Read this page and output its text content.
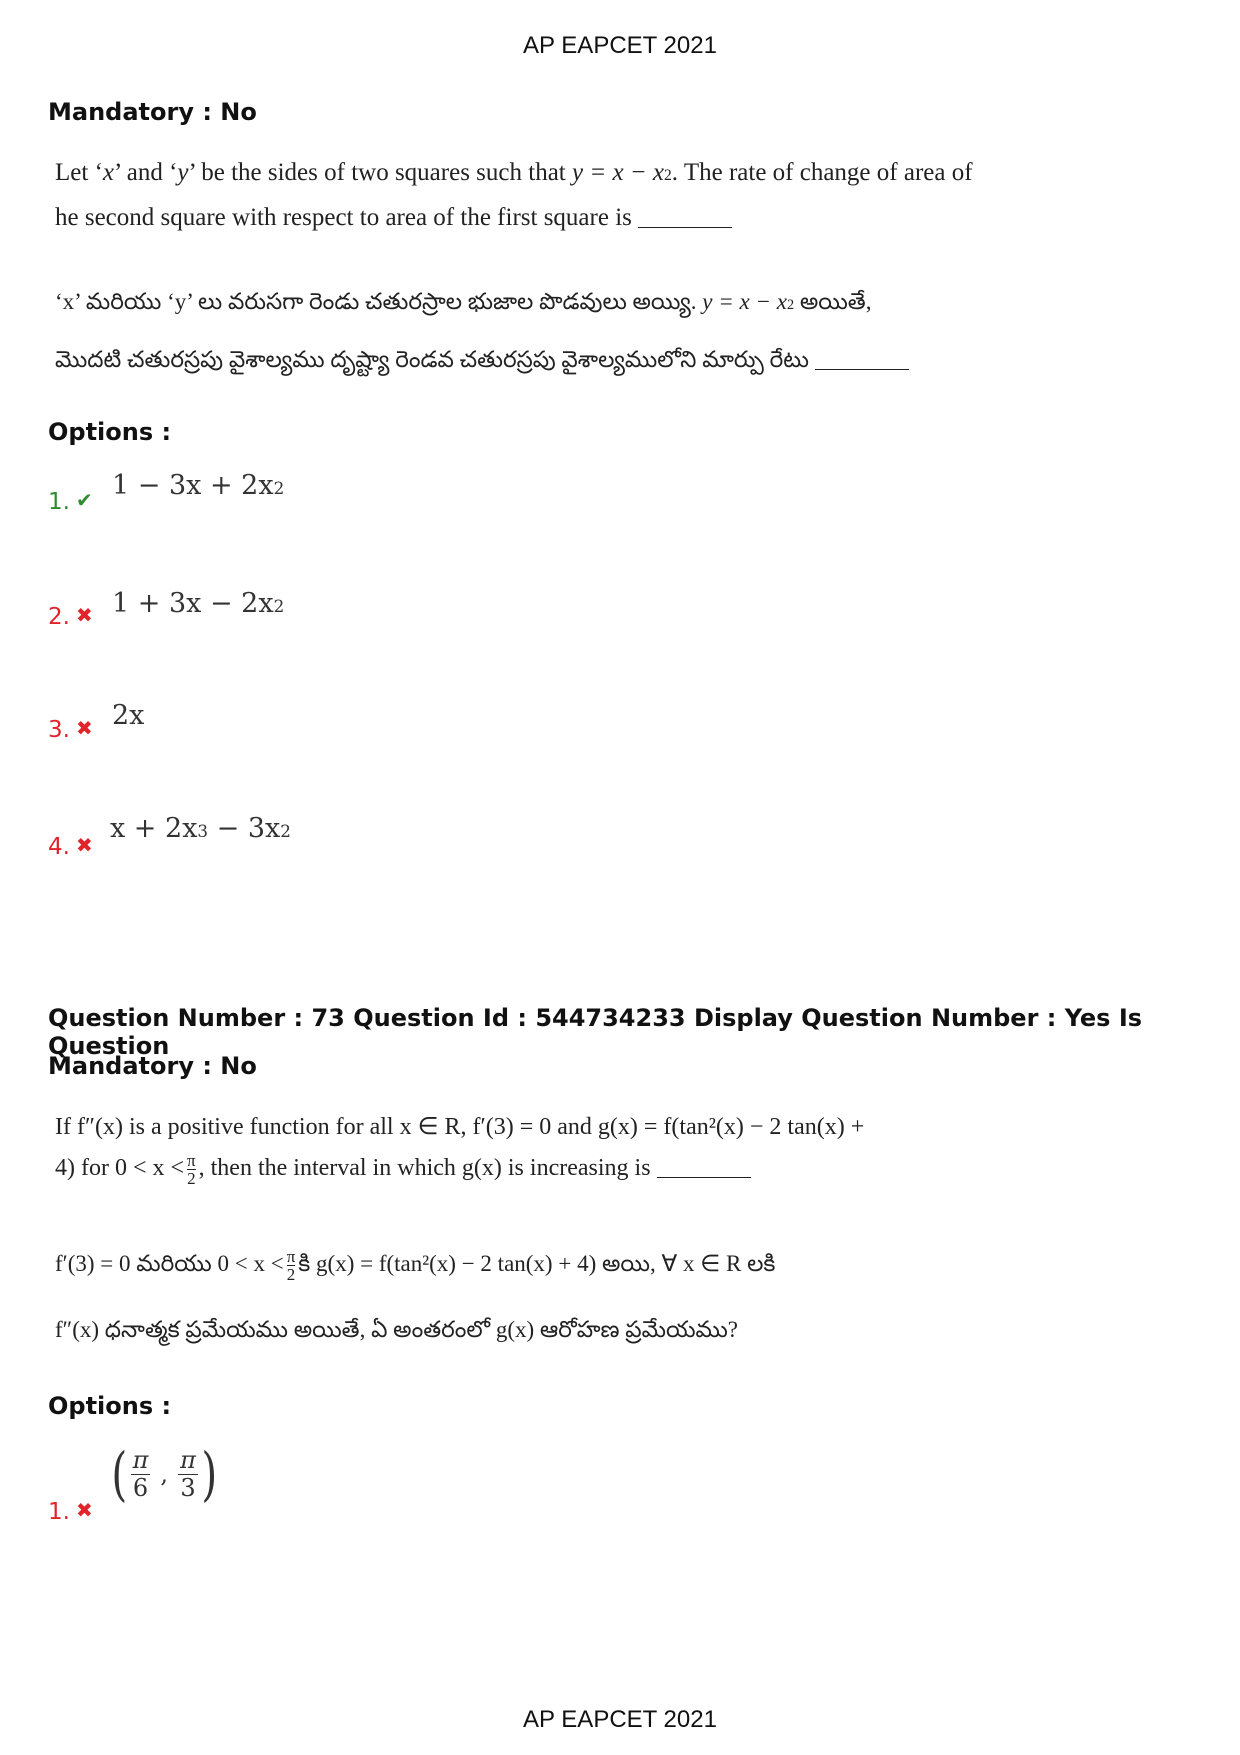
AP EAPCET 2021
Mandatory : No
Let ‘x’ and ‘y’ be the sides of two squares such that $y = x - x^2$. The rate of change of area of
he second square with respect to area of the first square is
‘x’ మరియు ‘y’ లు వరుసగా రెండు చతురస్రాల భుజాల పొడవులు అయ్యి. $y = x - x^2$ అయితే,
మొదటి చతురస్రపు వైశాల్యము దృష్ట్యా రెండవ చతురస్రపు వైశాల్యములోని మార్పు రేటు
Options :
1. ✔ $1 - 3x + 2x^2$
2. ✖ $1 + 3x - 2x^2$
3. ✖ 2x
4. ✖
$x + 2x^3 - 3x^2$
Question Number : 73 Question Id : 544734233 Display Question Number : Yes Is Question
Mandatory : No
If f″(x) is a positive function for all x ∈ R, f′(3) = 0 and g(x) = f(tan²(x) − 2 tan(x) +
4) for $0 < x < \frac{\pi}{2}$ , then the interval in which g(x) is increasing is
f′(3) = 0 మరియు $0 < x < \frac{\pi}{2}$ కి g(x) = f(tan²(x) − 2 tan(x) + 4) అయి, ∀ x ∈ R లకి
f″(x) ధనాత్మక ప్రమేయము అయితే, ఏ అంతరంలో g(x) ఆరోహణ ప్రమేయము?
Options :
1. ✖
( $\frac{\pi}{6}$ , $\frac{\pi}{3}$ )
AP EAPCET 2021
